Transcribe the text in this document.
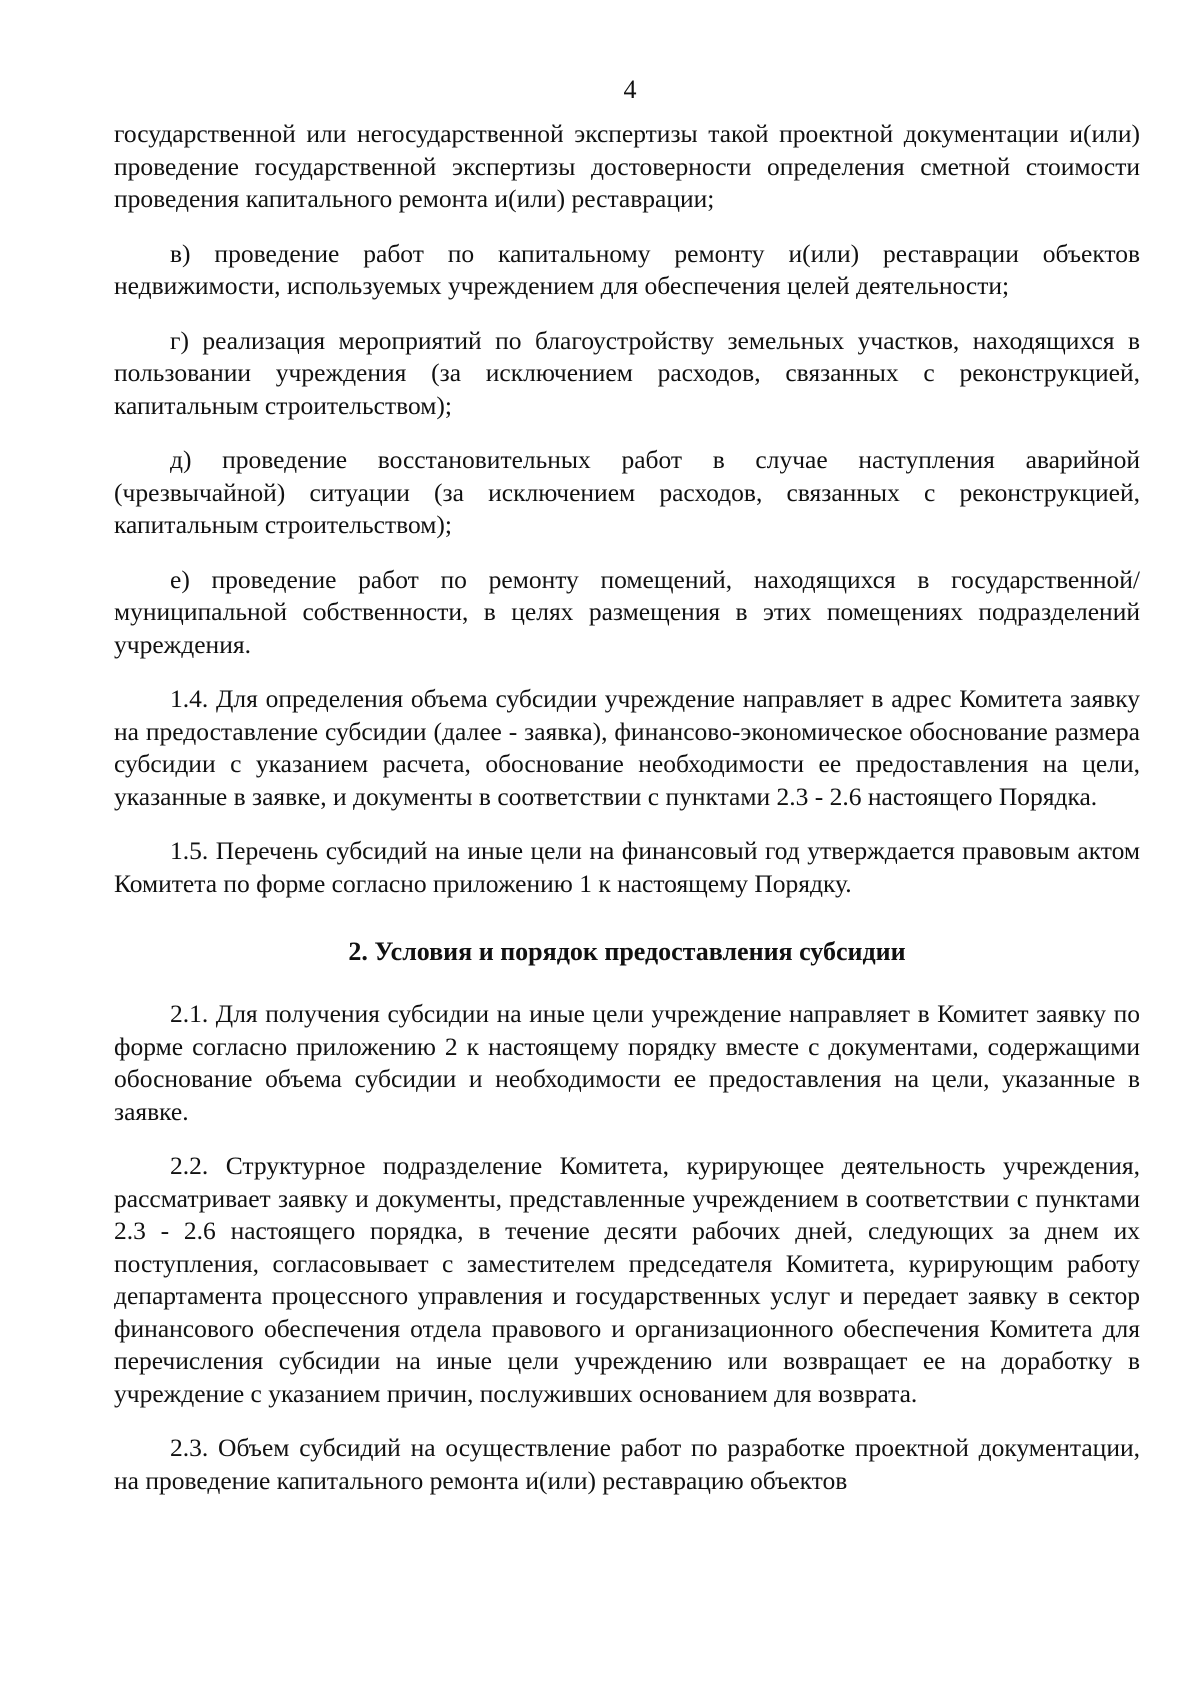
4

государственной или негосударственной экспертизы такой проектной документации и(или) проведение государственной экспертизы достоверности определения сметной стоимости проведения капитального ремонта и(или) реставрации;

в) проведение работ по капитальному ремонту и(или) реставрации объектов недвижимости, используемых учреждением для обеспечения целей деятельности;

г) реализация мероприятий по благоустройству земельных участков, находящихся в пользовании учреждения (за исключением расходов, связанных с реконструкцией, капитальным строительством);

д) проведение восстановительных работ в случае наступления аварийной (чрезвычайной) ситуации (за исключением расходов, связанных с реконструкцией, капитальным строительством);

е) проведение работ по ремонту помещений, находящихся в государственной/муниципальной собственности, в целях размещения в этих помещениях подразделений учреждения.

1.4. Для определения объема субсидии учреждение направляет в адрес Комитета заявку на предоставление субсидии (далее - заявка), финансово-экономическое обоснование размера субсидии с указанием расчета, обоснование необходимости ее предоставления на цели, указанные в заявке, и документы в соответствии с пунктами 2.3 - 2.6 настоящего Порядка.

1.5. Перечень субсидий на иные цели на финансовый год утверждается правовым актом Комитета по форме согласно приложению 1 к настоящему Порядку.

2. Условия и порядок предоставления субсидии

2.1. Для получения субсидии на иные цели учреждение направляет в Комитет заявку по форме согласно приложению 2 к настоящему порядку вместе с документами, содержащими обоснование объема субсидии и необходимости ее предоставления на цели, указанные в заявке.

2.2. Структурное подразделение Комитета, курирующее деятельность учреждения, рассматривает заявку и документы, представленные учреждением в соответствии с пунктами 2.3 - 2.6 настоящего порядка, в течение десяти рабочих дней, следующих за днем их поступления, согласовывает с заместителем председателя Комитета, курирующим работу департамента процессного управления и государственных услуг и передает заявку в сектор финансового обеспечения отдела правового и организационного обеспечения Комитета для перечисления субсидии на иные цели учреждению или возвращает ее на доработку в учреждение с указанием причин, послуживших основанием для возврата.

2.3. Объем субсидий на осуществление работ по разработке проектной документации, на проведение капитального ремонта и(или) реставрацию объектов
